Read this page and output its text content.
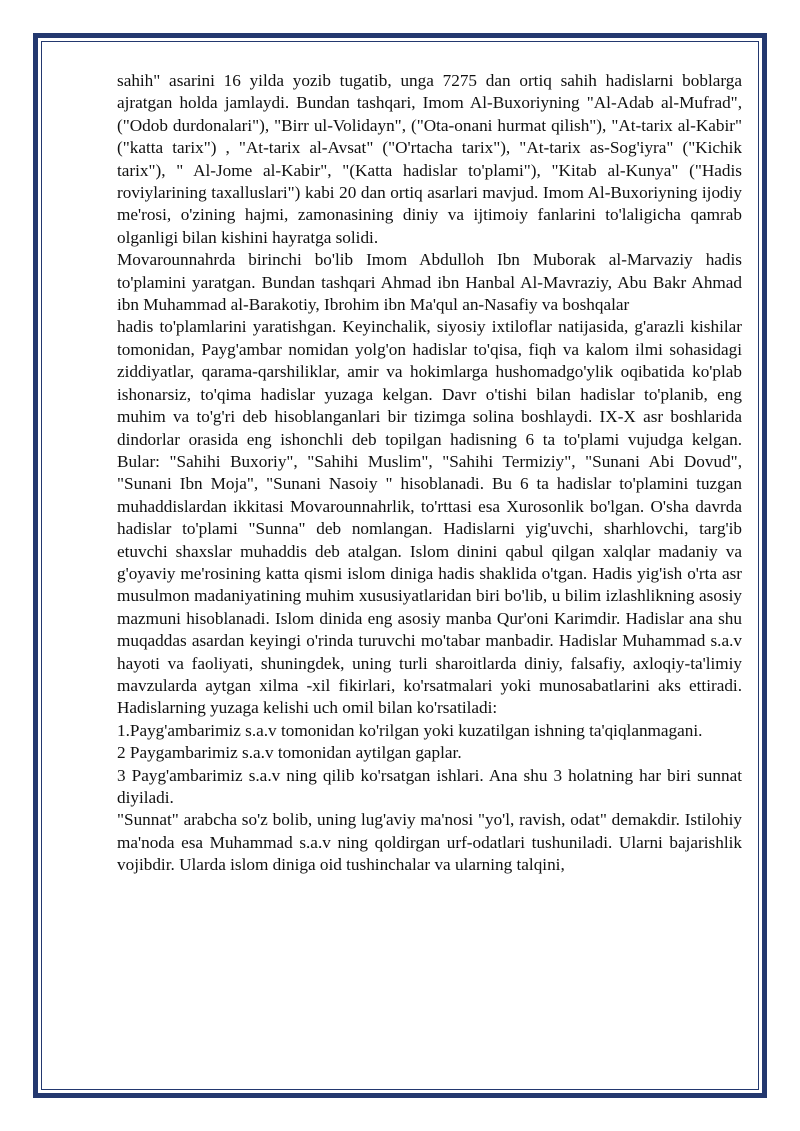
sahih" asarini 16 yilda yozib tugatib, unga 7275 dan ortiq sahih hadislarni boblarga ajratgan holda jamlaydi. Bundan tashqari, Imom Al-Buxoriyning "Al-Adab al-Mufrad", ("Odob durdonalari"), "Birr ul-Volidayn", ("Ota-onani hurmat qilish"), "At-tarix al-Kabir" ("katta tarix") , "At-tarix al-Avsat" ("O'rtacha tarix"), "At-tarix as-Sog'iyra" ("Kichik tarix"), " Al-Jome al-Kabir", "(Katta hadislar to'plami"), "Kitab al-Kunya" ("Hadis roviylarining taxalluslari") kabi 20 dan ortiq asarlari mavjud. Imom Al-Buxoriyning ijodiy me'rosi, o'zining hajmi, zamonasining diniy va ijtimoiy fanlarini to'laligicha qamrab olganligi bilan kishini hayratga solidi.

Movarounnahrda birinchi bo'lib Imom Abdulloh Ibn Muborak al-Marvaziy hadis to'plamini yaratgan. Bundan tashqari Ahmad ibn Hanbal Al-Mavraziy, Abu Bakr Ahmad ibn Muhammad al-Barakotiy, Ibrohim ibn Ma'qul an-Nasafiy va boshqalar

hadis to'plamlarini yaratishgan. Keyinchalik, siyosiy ixtiloflar natijasida, g'arazli kishilar tomonidan, Payg'ambar nomidan yolg'on hadislar to'qisa, fiqh va kalom ilmi sohasidagi ziddiyatlar, qarama-qarshiliklar, amir va hokimlarga hushomadgo'ylik oqibatida ko'plab ishonarsiz, to'qima hadislar yuzaga kelgan. Davr o'tishi bilan hadislar to'planib, eng muhim va to'g'ri deb hisoblanganlari bir tizimga solina boshlaydi. IX-X asr boshlarida dindorlar orasida eng ishonchli deb topilgan hadisning 6 ta to'plami vujudga kelgan. Bular: "Sahihi Buxoriy", "Sahihi Muslim", "Sahihi Termiziy", "Sunani Abi Dovud", "Sunani Ibn Moja", "Sunani Nasoiy " hisoblanadi. Bu 6 ta hadislar to'plamini tuzgan muhaddislardan ikkitasi Movarounnahrlik, to'rttasi esa Xurosonlik bo'lgan. O'sha davrda hadislar to'plami "Sunna" deb nomlangan. Hadislarni yig'uvchi, sharhlovchi, targ'ib etuvchi shaxslar muhaddis deb atalgan. Islom dinini qabul qilgan xalqlar madaniy va g'oyaviy me'rosining katta qismi islom diniga hadis shaklida o'tgan. Hadis yig'ish o'rta asr musulmon madaniyatining muhim xususiyatlaridan biri bo'lib, u bilim izlashlikning asosiy mazmuni hisoblanadi. Islom dinida eng asosiy manba Qur'oni Karimdir. Hadislar ana shu muqaddas asardan keyingi o'rinda turuvchi mo'tabar manbadir. Hadislar Muhammad s.a.v hayoti va faoliyati, shuningdek, uning turli sharoitlarda diniy, falsafiy, axloqiy-ta'limiy mavzularda aytgan xilma -xil fikirlari, ko'rsatmalari yoki munosabatlarini aks ettiradi. Hadislarning yuzaga kelishi uch omil bilan ko'rsatiladi:

1.Payg'ambarimiz s.a.v tomonidan ko'rilgan yoki kuzatilgan ishning ta'qiqlanmagani.

2 Paygambarimiz s.a.v tomonidan aytilgan gaplar.

3 Payg'ambarimiz s.a.v ning qilib ko'rsatgan ishlari. Ana shu 3 holatning har biri sunnat diyiladi.

"Sunnat" arabcha so'z bolib, uning lug'aviy ma'nosi "yo'l, ravish, odat" demakdir. Istilohiy ma'noda esa Muhammad s.a.v ning qoldirgan urf-odatlari tushuniladi. Ularni bajarishlik vojibdir. Ularda islom diniga oid tushinchalar va ularning talqini,
